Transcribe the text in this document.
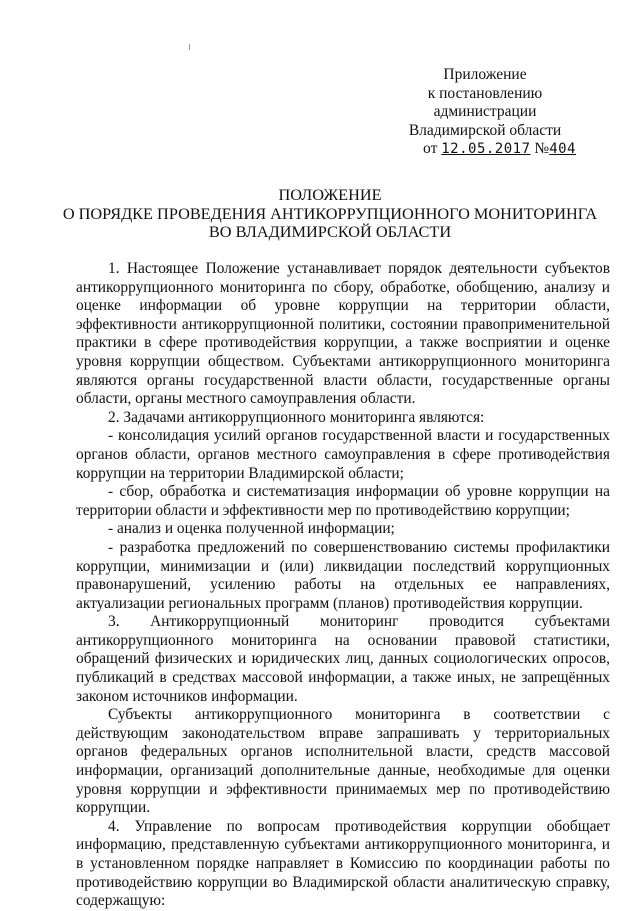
Приложение
к постановлению
администрации
Владимирской области
от 12.05.2017 №404
ПОЛОЖЕНИЕ
О ПОРЯДКЕ ПРОВЕДЕНИЯ АНТИКОРРУПЦИОННОГО МОНИТОРИНГА
ВО ВЛАДИМИРСКОЙ ОБЛАСТИ

1. Настоящее Положение устанавливает порядок деятельности субъектов антикоррупционного мониторинга по сбору, обработке, обобщению, анализу и оценке информации об уровне коррупции на территории области, эффективности антикоррупционной политики, состоянии правоприменительной практики в сфере противодействия коррупции, а также восприятии и оценке уровня коррупции обществом. Субъектами антикоррупционного мониторинга являются органы государственной власти области, государственные органы области, органы местного самоуправления области.

2. Задачами антикоррупционного мониторинга являются:

- консолидация усилий органов государственной власти и государственных органов области, органов местного самоуправления в сфере противодействия коррупции на территории Владимирской области;

- сбор, обработка и систематизация информации об уровне коррупции на территории области и эффективности мер по противодействию коррупции;

- анализ и оценка полученной информации;

- разработка предложений по совершенствованию системы профилактики коррупции, минимизации и (или) ликвидации последствий коррупционных правонарушений, усилению работы на отдельных ее направлениях, актуализации региональных программ (планов) противодействия коррупции.

3. Антикоррупционный мониторинг проводится субъектами антикоррупционного мониторинга на основании правовой статистики, обращений физических и юридических лиц, данных социологических опросов, публикаций в средствах массовой информации, а также иных, не запрещённых законом источников информации.

Субъекты антикоррупционного мониторинга в соответствии с действующим законодательством вправе запрашивать у территориальных органов федеральных органов исполнительной власти, средств массовой информации, организаций дополнительные данные, необходимые для оценки уровня коррупции и эффективности принимаемых мер по противодействию коррупции.

4. Управление по вопросам противодействия коррупции обобщает информацию, представленную субъектами антикоррупционного мониторинга, и в установленном порядке направляет в Комиссию по координации работы по противодействию коррупции во Владимирской области аналитическую справку, содержащую:
